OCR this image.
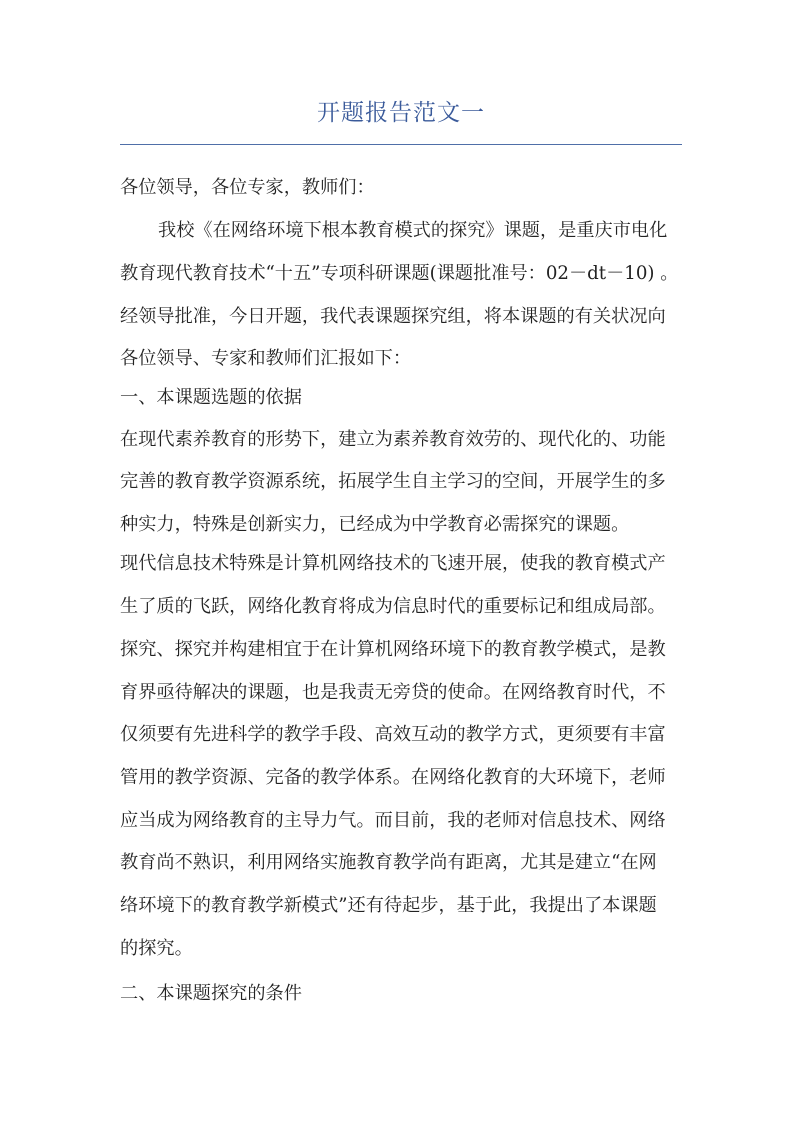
开题报告范文一
各位领导，各位专家，教师们：
我校《在网络环境下根本教育模式的探究》课题，是重庆市电化
教育现代教育技术“十五”专项科研课题(课题批准号：02－dt－10) 。
经领导批准，今日开题，我代表课题探究组，将本课题的有关状况向
各位领导、专家和教师们汇报如下：
一、本课题选题的依据
在现代素养教育的形势下，建立为素养教育效劳的、现代化的、功能
完善的教育教学资源系统，拓展学生自主学习的空间，开展学生的多
种实力，特殊是创新实力，已经成为中学教育必需探究的课题。
现代信息技术特殊是计算机网络技术的飞速开展，使我的教育模式产
生了质的飞跃，网络化教育将成为信息时代的重要标记和组成局部。
探究、探究并构建相宜于在计算机网络环境下的教育教学模式，是教
育界亟待解决的课题，也是我责无旁贷的使命。在网络教育时代，不
仅须要有先进科学的教学手段、高效互动的教学方式，更须要有丰富
管用的教学资源、完备的教学体系。在网络化教育的大环境下，老师
应当成为网络教育的主导力气。而目前，我的老师对信息技术、网络
教育尚不熟识，利用网络实施教育教学尚有距离，尤其是建立“在网
络环境下的教育教学新模式”还有待起步，基于此，我提出了本课题
的探究。
二、本课题探究的条件
